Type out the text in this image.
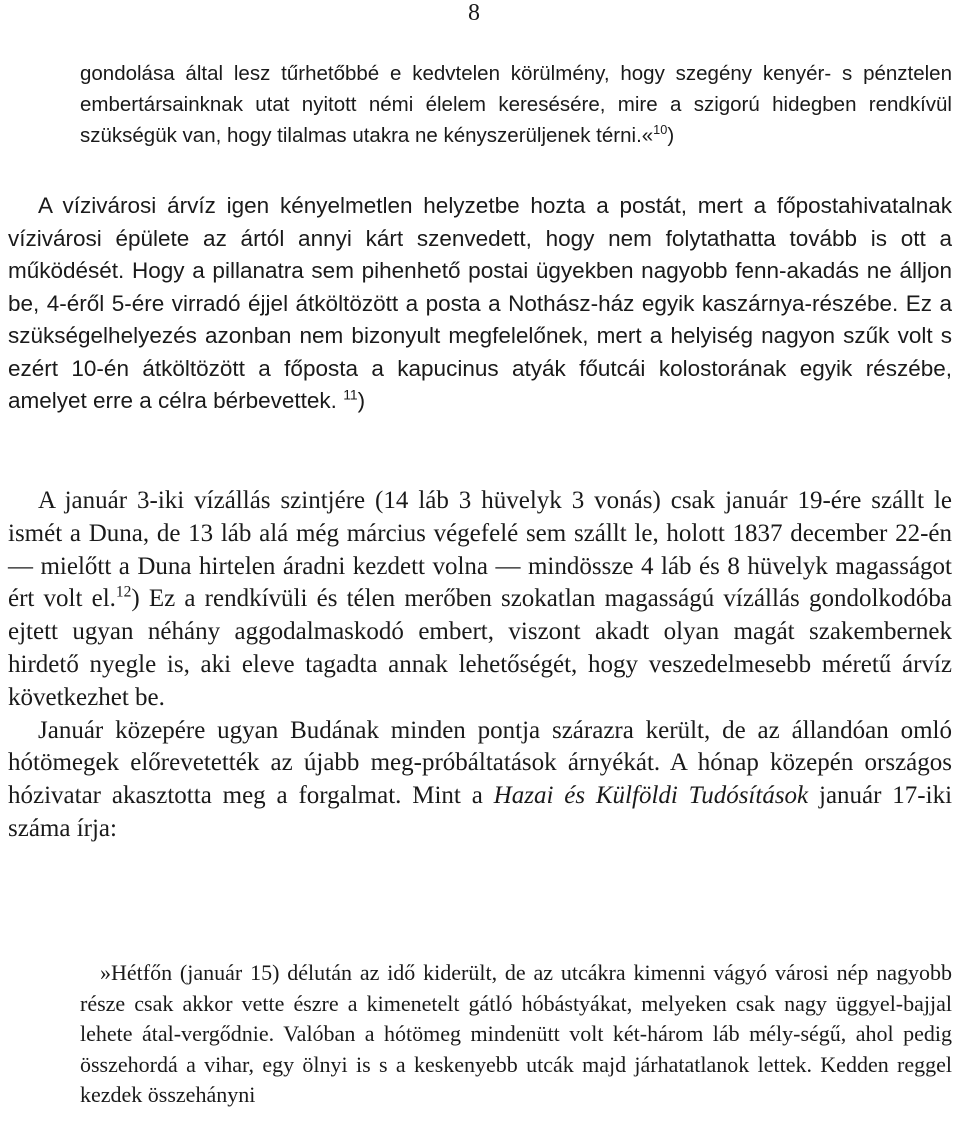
8

gondolása által lesz tűrhetőbbé e kedvtelen körülmény, hogy szegény kenyér- s pénztelen embertársainknak utat nyitott némi élelem keresésére, mire a szigorú hidegben rendkívül szükségük van, hogy tilalmas utakra ne kényszerüljenek térni.«$^{10}$)

A vízivárosi árvíz igen kényelmetlen helyzetbe hozta a postát, mert a főpostahivatalnak vízivárosi épülete az ártól annyi kárt szenvedett, hogy nem folytathatta tovább is ott a működését. Hogy a pillanatra sem pihenhető postai ügyekben nagyobb fenn-akadás ne álljon be, 4-éről 5-ére virradó éjjel átköltözött a posta a Nothász-ház egyik kaszárnya-részébe. Ez a szükségelhelyezés azonban nem bizonyult megfelelőnek, mert a helyiség nagyon szűk volt s ezért 10-én átköltözött a főposta a kapucinus atyák főutcái kolostorának egyik részébe, amelyet erre a célra bérbevettek. $^{11}$)

A január 3-iki vízállás szintjére (14 láb 3 hüvelyk 3 vonás) csak január 19-ére szállt le ismét a Duna, de 13 láb alá még március végefelé sem szállt le, holott 1837 december 22-én — mielőtt a Duna hirtelen áradni kezdett volna — mindössze 4 láb és 8 hüvelyk magasságot ért volt el.$^{12}$) Ez a rendkívüli és télen merőben szokatlan magasságú vízállás gondolkodóba ejtett ugyan néhány aggodalmaskodó embert, viszont akadt olyan magát szakembernek hirdető nyegle is, aki eleve tagadta annak lehetőségét, hogy veszedelmesebb méretű árvíz következhet be.

Január közepére ugyan Budának minden pontja szárazra került, de az állandóan omló hótömegek előrevetették az újabb meg-próbáltatások árnyékát. A hónap közepén országos hózivatar akasztotta meg a forgalmat. Mint a Hazai és Külföldi Tudósítások január 17-iki száma írja:

»Hétfőn (január 15) délután az idő kiderült, de az utcákra kimenni vágyó városi nép nagyobb része csak akkor vette észre a kimenetelt gátló hóbástyákat, melyeken csak nagy üggyel-bajjal lehete átal-vergődnie. Valóban a hótömeg mindenütt volt két-három láb mély-ségű, ahol pedig összehordá a vihar, egy ölnyi is s a keskenyebb utcák majd járhatatlanok lettek. Kedden reggel kezdek összehányni
